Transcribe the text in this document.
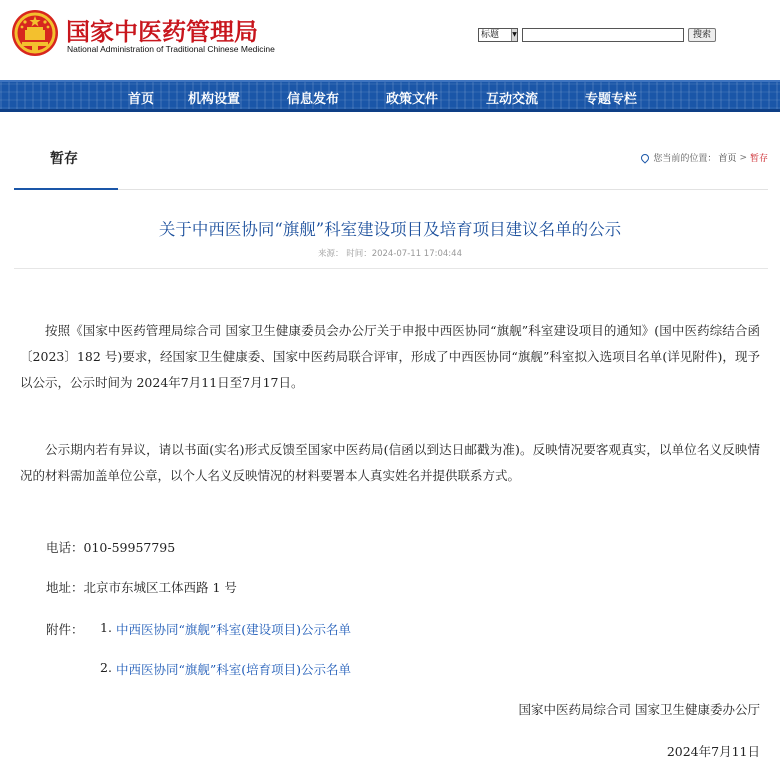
国家中医药管理局
National Administration of Traditional Chinese Medicine
标题 ▼	搜索
首页	机构设置	信息发布	政策文件	互动交流	专题专栏
暂存	您当前的位置： 首页 > 暂存
关于中西医协同“旗舰”科室建设项目及培育项目建议名单的公示
来源： 时间：2024-07-11 17:04:44
按照《国家中医药管理局综合司 国家卫生健康委员会办公厅关于申报中西医协同“旗舰”科室建设项目的通知》(国中医药综结合函〔2023〕182 号)要求，经国家卫生健康委、国家中医药局联合评审，形成了中西医协同“旗舰”科室拟入选项目名单(详见附件)，现予以公示，公示时间为 2024年7月11日至7月17日。
公示期内若有异议，请以书面(实名)形式反馈至国家中医药局(信函以到达日邮戳为准)。反映情况要客观真实，以单位名义反映情况的材料需加盖单位公章，以个人名义反映情况的材料要署本人真实姓名并提供联系方式。
电话：010-59957795
地址：北京市东城区工体西路 1 号
附件： 1. 中西医协同“旗舰”科室(建设项目)公示名单
2. 中西医协同“旗舰”科室(培育项目)公示名单
国家中医药局综合司 国家卫生健康委办公厅
2024年7月11日
